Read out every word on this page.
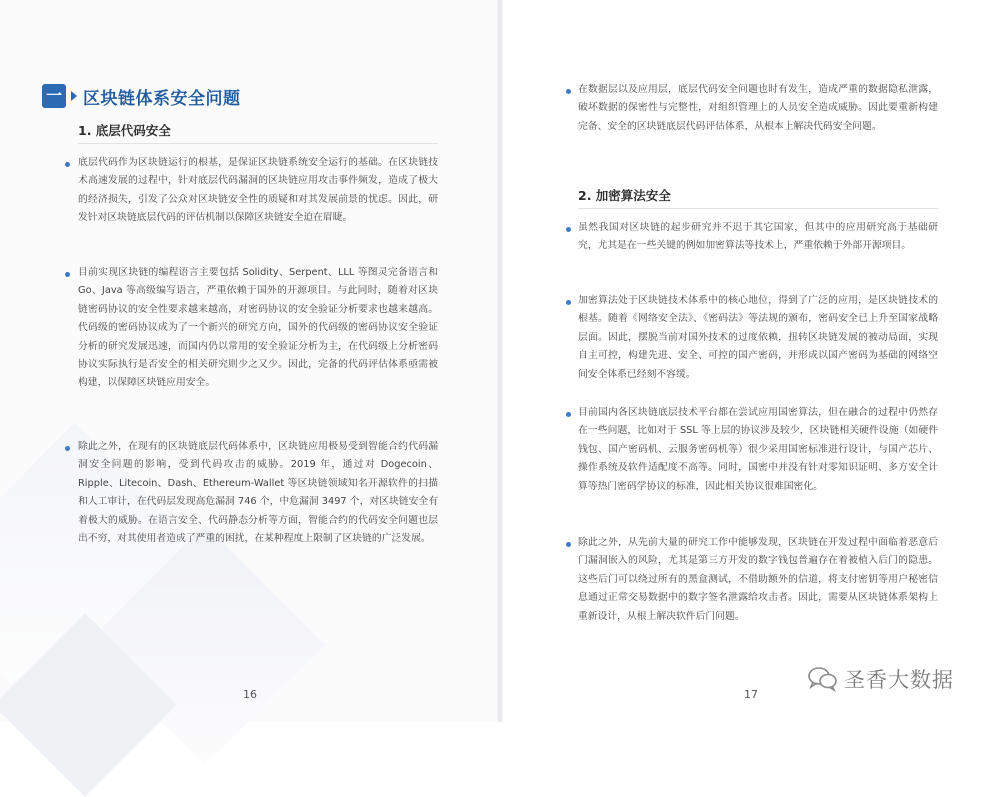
一 区块链体系安全问题
1. 底层代码安全
底层代码作为区块链运行的根基，是保证区块链系统安全运行的基础。在区块链技术高速发展的过程中，针对底层代码漏洞的区块链应用攻击事件频发，造成了极大的经济损失，引发了公众对区块链安全性的质疑和对其发展前景的忧虑。因此，研发针对区块链底层代码的评估机制以保障区块链安全迫在眉睫。
目前实现区块链的编程语言主要包括 Solidity、Serpent、LLL 等图灵完备语言和 Go、Java 等高级编写语言，严重依赖于国外的开源项目。与此同时，随着对区块链密码协议的安全性要求越来越高，对密码协议的安全验证分析要求也越来越高。代码级的密码协议成为了一个新兴的研究方向，国外的代码级的密码协议安全验证分析的研究发展迅速，而国内仍以常用的安全验证分析为主，在代码级上分析密码协议实际执行是否安全的相关研究则少之又少。因此，完备的代码评估体系亟需被构建，以保障区块链应用安全。
除此之外，在现有的区块链底层代码体系中，区块链应用极易受到智能合约代码漏洞安全问题的影响，受到代码攻击的威胁。2019 年，通过对 Dogecoin、Ripple、Litecoin、Dash、Ethereum-Wallet 等区块链领域知名开源软件的扫描和人工审计，在代码层发现高危漏洞 746 个，中危漏洞 3497 个，对区块链安全有着极大的威胁。在语言安全、代码静态分析等方面，智能合约的代码安全问题也层出不穷，对其使用者造成了严重的困扰，在某种程度上限制了区块链的广泛发展。
16
在数据层以及应用层，底层代码安全问题也时有发生，造成严重的数据隐私泄露，破坏数据的保密性与完整性，对组织管理上的人员安全造成威胁。因此要重新构建完备、安全的区块链底层代码评估体系，从根本上解决代码安全问题。
2. 加密算法安全
虽然我国对区块链的起步研究并不迟于其它国家，但其中的应用研究高于基础研究，尤其是在一些关键的例如加密算法等技术上，严重依赖于外部开源项目。
加密算法处于区块链技术体系中的核心地位，得到了广泛的应用，是区块链技术的根基。随着《网络安全法》、《密码法》等法规的颁布，密码安全已上升至国家战略层面。因此，摆脱当前对国外技术的过度依赖，扭转区块链发展的被动局面，实现自主可控，构建先进、安全、可控的国产密码，并形成以国产密码为基础的网络空间安全体系已经刻不容缓。
目前国内各区块链底层技术平台都在尝试应用国密算法，但在融合的过程中仍然存在一些问题，比如对于 SSL 等上层的协议涉及较少，区块链相关硬件设施（如硬件钱包、国产密码机、云服务密码机等）很少采用国密标准进行设计，与国产芯片、操作系统及软件适配度不高等。同时，国密中并没有针对零知识证明、多方安全计算等热门密码学协议的标准，因此相关协议很难国密化。
除此之外，从先前大量的研究工作中能够发现，区块链在开发过程中面临着恶意后门漏洞嵌入的风险，尤其是第三方开发的数字钱包普遍存在着被植入后门的隐患。这些后门可以绕过所有的黑盒测试，不借助额外的信道，将支付密钥等用户秘密信息通过正常交易数据中的数字签名泄露给攻击者。因此，需要从区块链体系架构上重新设计，从根上解决软件后门问题。
17
圣香大数据
